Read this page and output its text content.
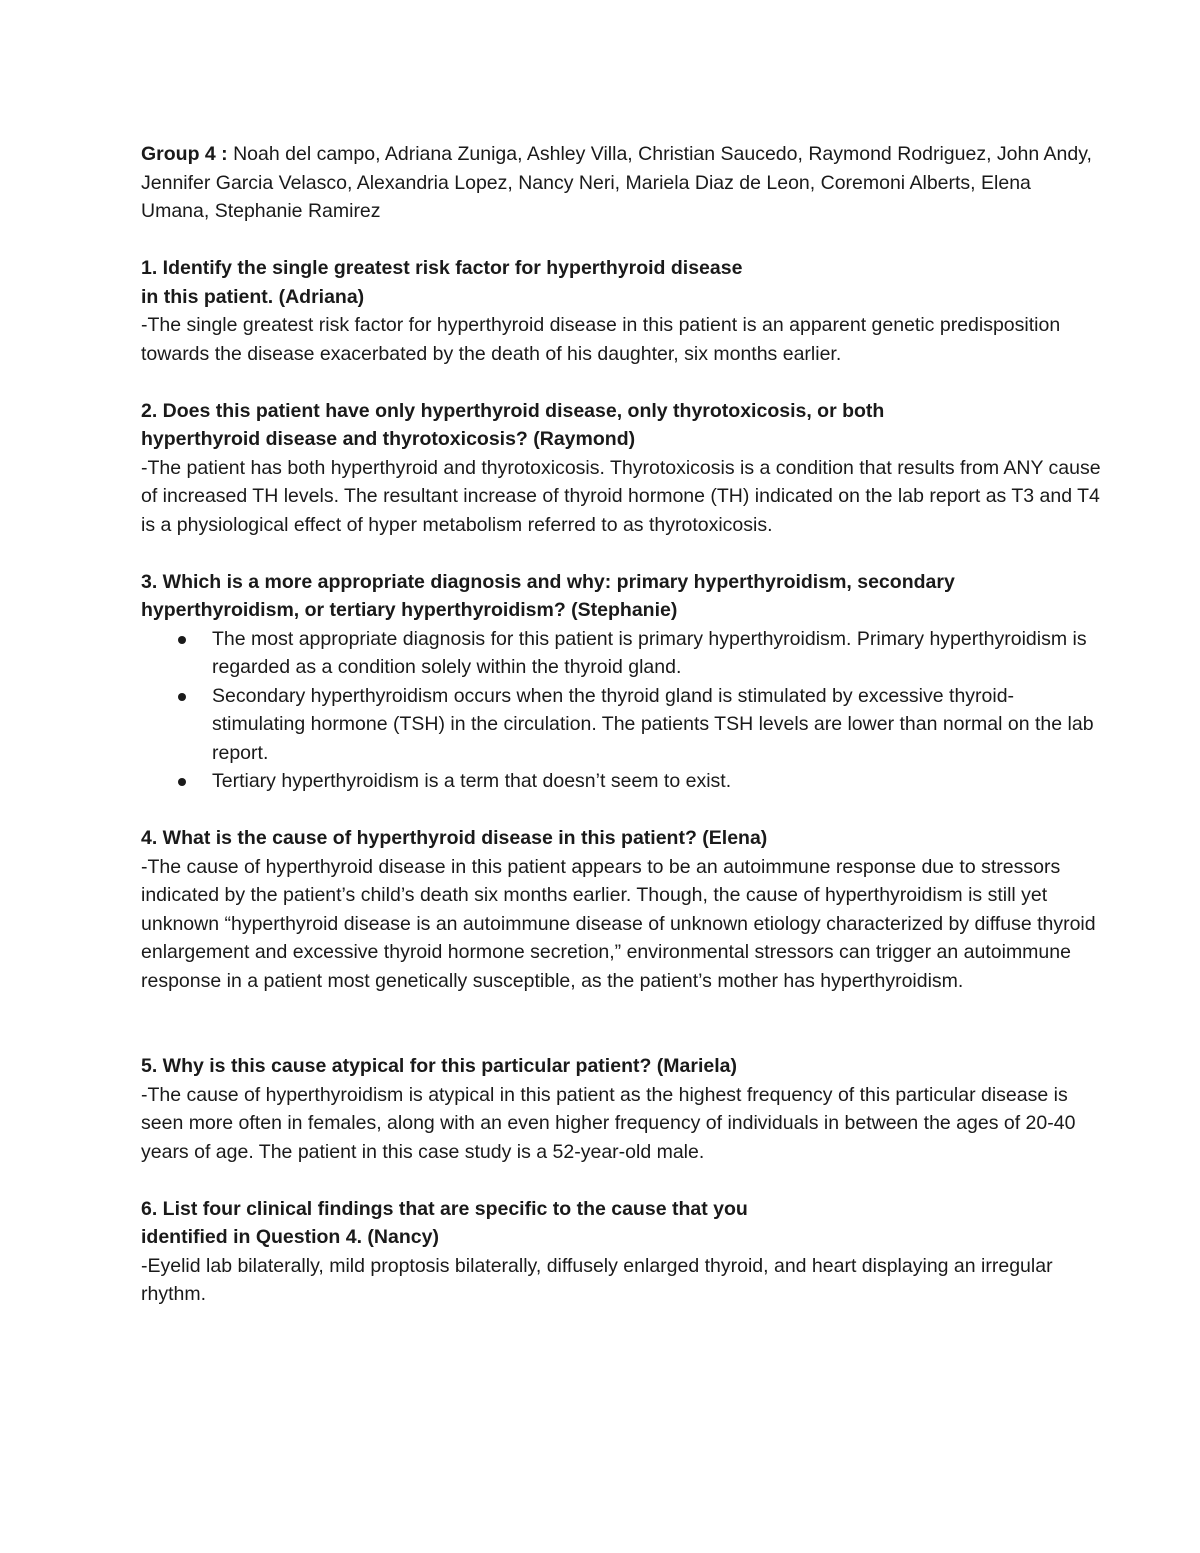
Group 4 : Noah del campo, Adriana Zuniga, Ashley Villa, Christian Saucedo, Raymond Rodriguez, John Andy, Jennifer Garcia Velasco, Alexandria Lopez, Nancy Neri, Mariela Diaz de Leon, Coremoni Alberts, Elena Umana, Stephanie Ramirez

1. Identify the single greatest risk factor for hyperthyroid disease

in this patient. (Adriana)

-The single greatest risk factor for hyperthyroid disease in this patient is an apparent genetic predisposition towards the disease exacerbated by the death of his daughter, six months earlier.

2. Does this patient have only hyperthyroid disease, only thyrotoxicosis, or both

hyperthyroid disease and thyrotoxicosis? (Raymond)

-The patient has both hyperthyroid and thyrotoxicosis. Thyrotoxicosis is a condition that results from ANY cause of increased TH levels. The resultant increase of thyroid hormone (TH) indicated on the lab report as T3 and T4 is a physiological effect of hyper metabolism referred to as thyrotoxicosis.

3. Which is a more appropriate diagnosis and why: primary hyperthyroidism, secondary

hyperthyroidism, or tertiary hyperthyroidism? (Stephanie)

The most appropriate diagnosis for this patient is primary hyperthyroidism. Primary hyperthyroidism is regarded as a condition solely within the thyroid gland.
Secondary hyperthyroidism occurs when the thyroid gland is stimulated by excessive thyroid-stimulating hormone (TSH) in the circulation. The patients TSH levels are lower than normal on the lab report.
Tertiary hyperthyroidism is a term that doesn’t seem to exist.

4. What is the cause of hyperthyroid disease in this patient? (Elena)

-The cause of hyperthyroid disease in this patient appears to be an autoimmune response due to stressors indicated by the patient’s child’s death six months earlier. Though, the cause of hyperthyroidism is still yet unknown “hyperthyroid disease is an autoimmune disease of unknown etiology characterized by diffuse thyroid enlargement and excessive thyroid hormone secretion,” environmental stressors can trigger an autoimmune response in a patient most genetically susceptible, as the patient’s mother has hyperthyroidism.

5. Why is this cause atypical for this particular patient? (Mariela)

-The cause of hyperthyroidism is atypical in this patient as the highest frequency of this particular disease is seen more often in females, along with an even higher frequency of individuals in between the ages of 20-40 years of age. The patient in this case study is a 52-year-old male.

6. List four clinical findings that are specific to the cause that you

identified in Question 4. (Nancy)

-Eyelid lab bilaterally, mild proptosis bilaterally, diffusely enlarged thyroid, and heart displaying an irregular rhythm.
